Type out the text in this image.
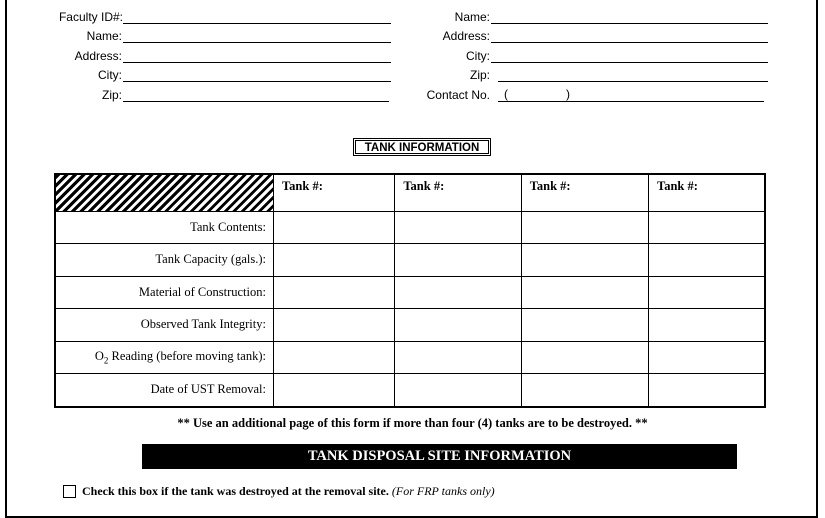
Faculty ID#:
Name:
Address:
City:
Zip:
Name:
Address:
City:
Zip:
Contact No. (	)
TANK INFORMATION
	Tank #:	Tank #:	Tank #:	Tank #:
Tank Contents:				
Tank Capacity (gals.):				
Material of Construction:				
Observed Tank Integrity:				
$O_2$ Reading (before moving tank):				
Date of UST Removal:				
** Use an additional page of this form if more than four (4) tanks are to be destroyed. **
TANK DISPOSAL SITE INFORMATION
Check this box if the tank was destroyed at the removal site.
(For FRP tanks only)
